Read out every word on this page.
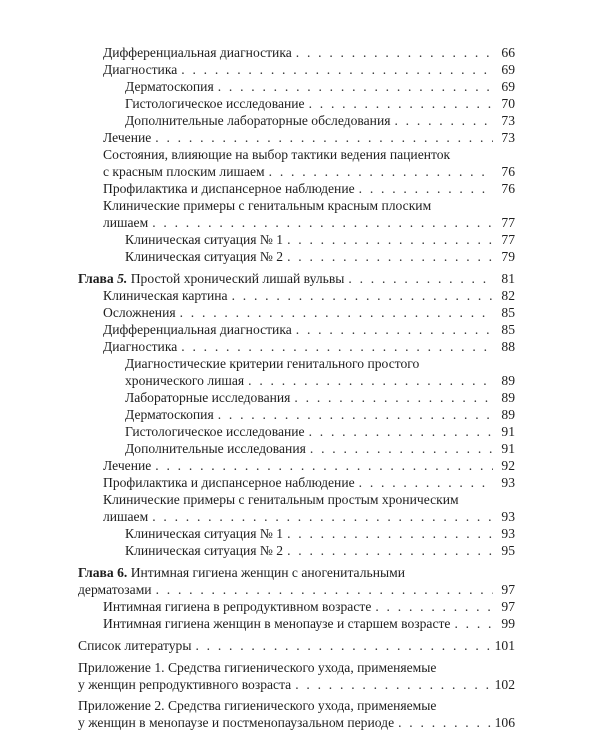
Дифференциальная диагностика . . .	66
Диагностика . . .	69
Дерматоскопия . . .	69
Гистологическое исследование . . .	70
Дополнительные лабораторные обследования . . .	73
Лечение . . .	73
Состояния, влияющие на выбор тактики ведения пациенток
с красным плоским лишаем . . .	76
Профилактика и диспансерное наблюдение . . .	76
Клинические примеры с генитальным красным плоским
лишаем . . .	77
Клиническая ситуация № 1 . . .	77
Клиническая ситуация № 2 . . .	79
Глава 5. Простой хронический лишай вульвы . . .	81
Клиническая картина . . .	82
Осложнения . . .	85
Дифференциальная диагностика . . .	85
Диагностика . . .	88
Диагностические критерии генитального простого
хронического лишая . . .	89
Лабораторные исследования . . .	89
Дерматоскопия . . .	89
Гистологическое исследование . . .	91
Дополнительные исследования . . .	91
Лечение . . .	92
Профилактика и диспансерное наблюдение . . .	93
Клинические примеры с генитальным простым хроническим
лишаем . . .	93
Клиническая ситуация № 1 . . .	93
Клиническая ситуация № 2 . . .	95
Глава 6. Интимная гигиена женщин с аногенитальными
дерматозами . . .	97
Интимная гигиена в репродуктивном возрасте . . .	97
Интимная гигиена женщин в менопаузе и старшем возрасте . . .	99
Список литературы . . .	101
Приложение 1. Средства гигиенического ухода, применяемые
у женщин репродуктивного возраста . . .	102
Приложение 2. Средства гигиенического ухода, применяемые
у женщин в менопаузе и постменопаузальном периоде . . .	106
